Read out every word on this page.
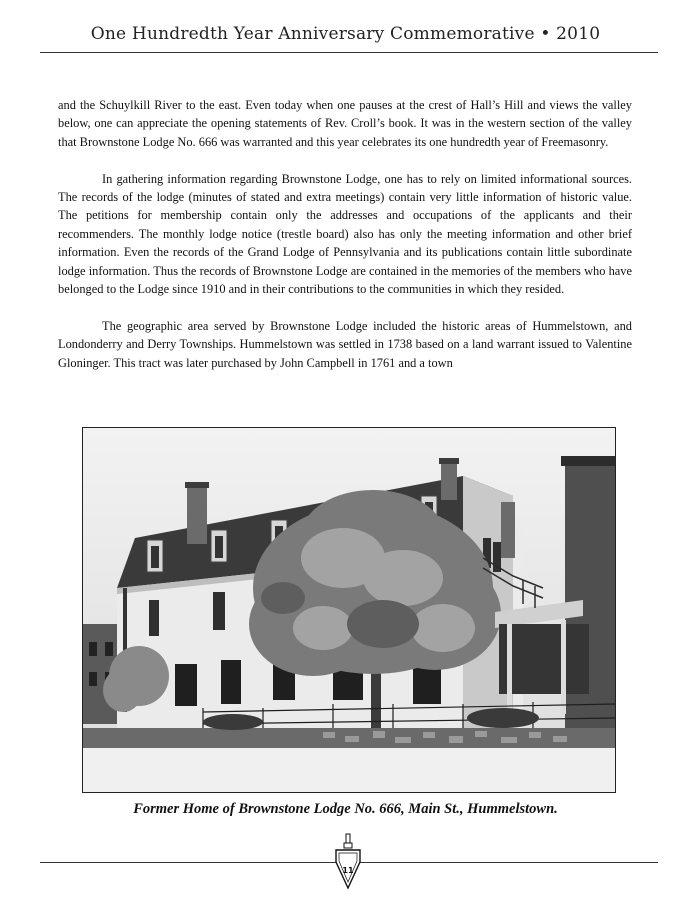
One Hundredth Year Anniversary Commemorative • 2010

and the Schuylkill River to the east. Even today when one pauses at the crest of Hall’s Hill and views the valley below, one can appreciate the opening statements of Rev. Croll’s book. It was in the western section of the valley that Brownstone Lodge No. 666 was warranted and this year celebrates its one hundredth year of Freemasonry.

In gathering information regarding Brownstone Lodge, one has to rely on limited informational sources. The records of the lodge (minutes of stated and extra meetings) contain very little information of historic value. The petitions for membership contain only the addresses and occupations of the applicants and their recommenders. The monthly lodge notice (trestle board) also has only the meeting information and other brief information. Even the records of the Grand Lodge of Pennsylvania and its publications contain little subordinate lodge information. Thus the records of Brownstone Lodge are contained in the memories of the members who have belonged to the Lodge since 1910 and in their contributions to the communities in which they resided.

The geographic area served by Brownstone Lodge included the historic areas of Hummelstown, and Londonderry and Derry Townships. Hummelstown was settled in 1738 based on a land warrant issued to Valentine Gloninger. This tract was later purchased by John Campbell in 1761 and a town

Former Home of Brownstone Lodge No. 666, Main St., Hummelstown.
11
